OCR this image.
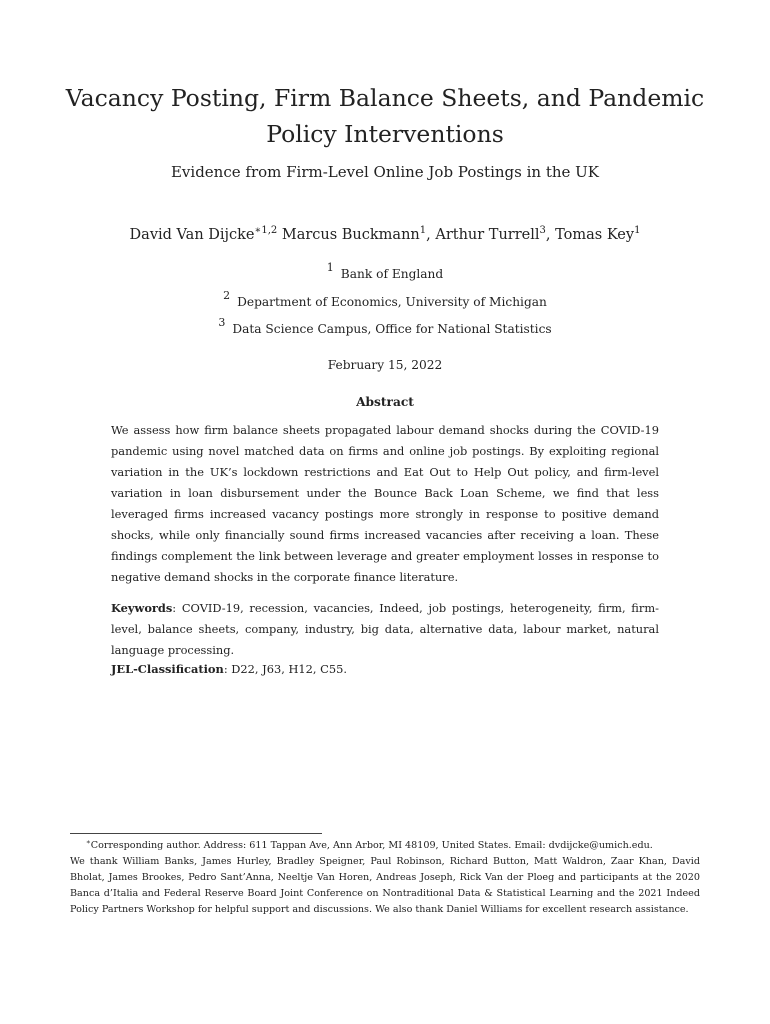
Vacancy Posting, Firm Balance Sheets, and Pandemic Policy Interventions
Evidence from Firm-Level Online Job Postings in the UK
David Van Dijcke$^{∗1,2}$ Marcus Buckmann$^1$, Arthur Turrell$^3$, Tomas Key$^1$
$^1$ Bank of England
$^2$ Department of Economics, University of Michigan
$^3$ Data Science Campus, Office for National Statistics
February 15, 2022
Abstract

We assess how firm balance sheets propagated labour demand shocks during the COVID-19 pandemic using novel matched data on firms and online job postings. By exploiting regional variation in the UK’s lockdown restrictions and Eat Out to Help Out policy, and firm-level variation in loan disbursement under the Bounce Back Loan Scheme, we find that less leveraged firms increased vacancy postings more strongly in response to positive demand shocks, while only financially sound firms increased vacancies after receiving a loan. These findings complement the link between leverage and greater employment losses in response to negative demand shocks in the corporate finance literature.

Keywords: COVID-19, recession, vacancies, Indeed, job postings, heterogeneity, firm, firm-level, balance sheets, company, industry, big data, alternative data, labour market, natural language processing.

JEL-Classification: D22, J63, H12, C55.

∗Corresponding author. Address: 611 Tappan Ave, Ann Arbor, MI 48109, United States. Email: dvdijcke@umich.edu.

We thank William Banks, James Hurley, Bradley Speigner, Paul Robinson, Richard Button, Matt Waldron, Zaar Khan, David Bholat, James Brookes, Pedro Sant’Anna, Neeltje Van Horen, Andreas Joseph, Rick Van der Ploeg and participants at the 2020 Banca d’Italia and Federal Reserve Board Joint Conference on Nontraditional Data & Statistical Learning and the 2021 Indeed Policy Partners Workshop for helpful support and discussions. We also thank Daniel Williams for excellent research assistance.
